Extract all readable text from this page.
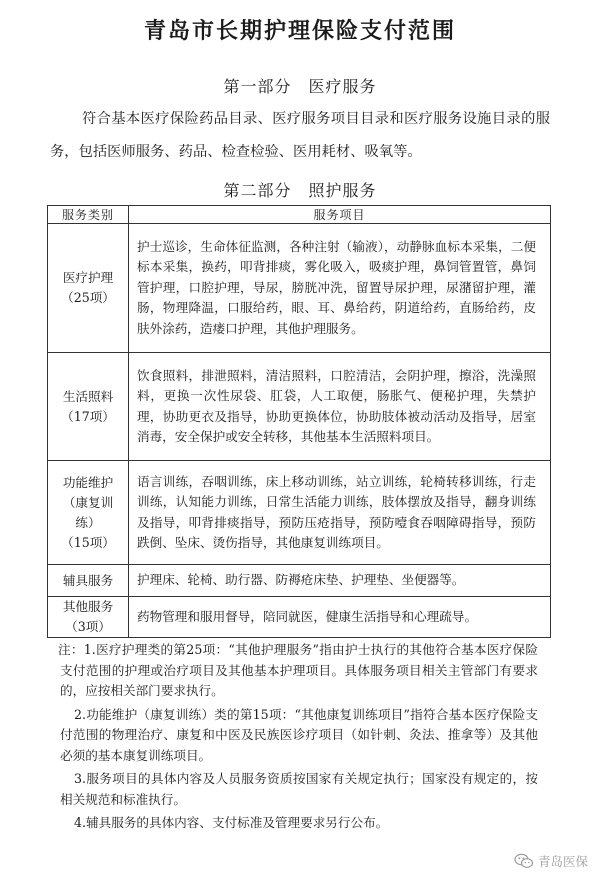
青岛市长期护理保险支付范围
第一部分　医疗服务
符合基本医疗保险药品目录、医疗服务项目目录和医疗服务设施目录的服务，包括医师服务、药品、检查检验、医用耗材、吸氧等。
第二部分　照护服务
服务类别	服务项目

医疗护理
（25项）	护士巡诊，生命体征监测，各种注射（输液），动静脉血标本采集，二便标本采集，换药，叩背排痰，雾化吸入，吸痰护理，鼻饲管置管，鼻饲管护理，口腔护理，导尿，膀胱冲洗，留置导尿护理，尿潴留护理，灌肠，物理降温，口服给药，眼、耳、鼻给药，阴道给药，直肠给药，皮肤外涂药，造瘘口护理，其他护理服务。

生活照料
（17项）	饮食照料，排泄照料，清洁照料，口腔清洁，会阴护理，擦浴，洗澡照料，更换一次性尿袋、肛袋，人工取便，肠胀气、便秘护理，失禁护理，协助更衣及指导，协助更换体位，协助肢体被动活动及指导，居室消毒，安全保护或安全转移，其他基本生活照料项目。

功能维护（康复训练）
（15项）	语言训练，吞咽训练，床上移动训练，站立训练，轮椅转移训练，行走训练，认知能力训练，日常生活能力训练，肢体摆放及指导，翻身训练及指导，叩背排痰指导，预防压疮指导，预防噎食吞咽障碍指导，预防跌倒、坠床、烫伤指导，其他康复训练项目。

辅具服务	护理床、轮椅、助行器、防褥疮床垫、护理垫、坐便器等。

其他服务
（3项）	药物管理和服用督导，陪同就医，健康生活指导和心理疏导。
注：1.医疗护理类的第25项：“其他护理服务”指由护士执行的其他符合基本医疗保险支付范围的护理或治疗项目及其他基本护理项目。具体服务项目相关主管部门有要求的，应按相关部门要求执行。
2.功能维护（康复训练）类的第15项：“其他康复训练项目”指符合基本医疗保险支付范围的物理治疗、康复和中医及民族医诊疗项目（如针刺、灸法、推拿等）及其他必须的基本康复训练项目。
3.服务项目的具体内容及人员服务资质按国家有关规定执行；国家没有规定的，按相关规范和标准执行。
4.辅具服务的具体内容、支付标准及管理要求另行公布。
青岛医保
